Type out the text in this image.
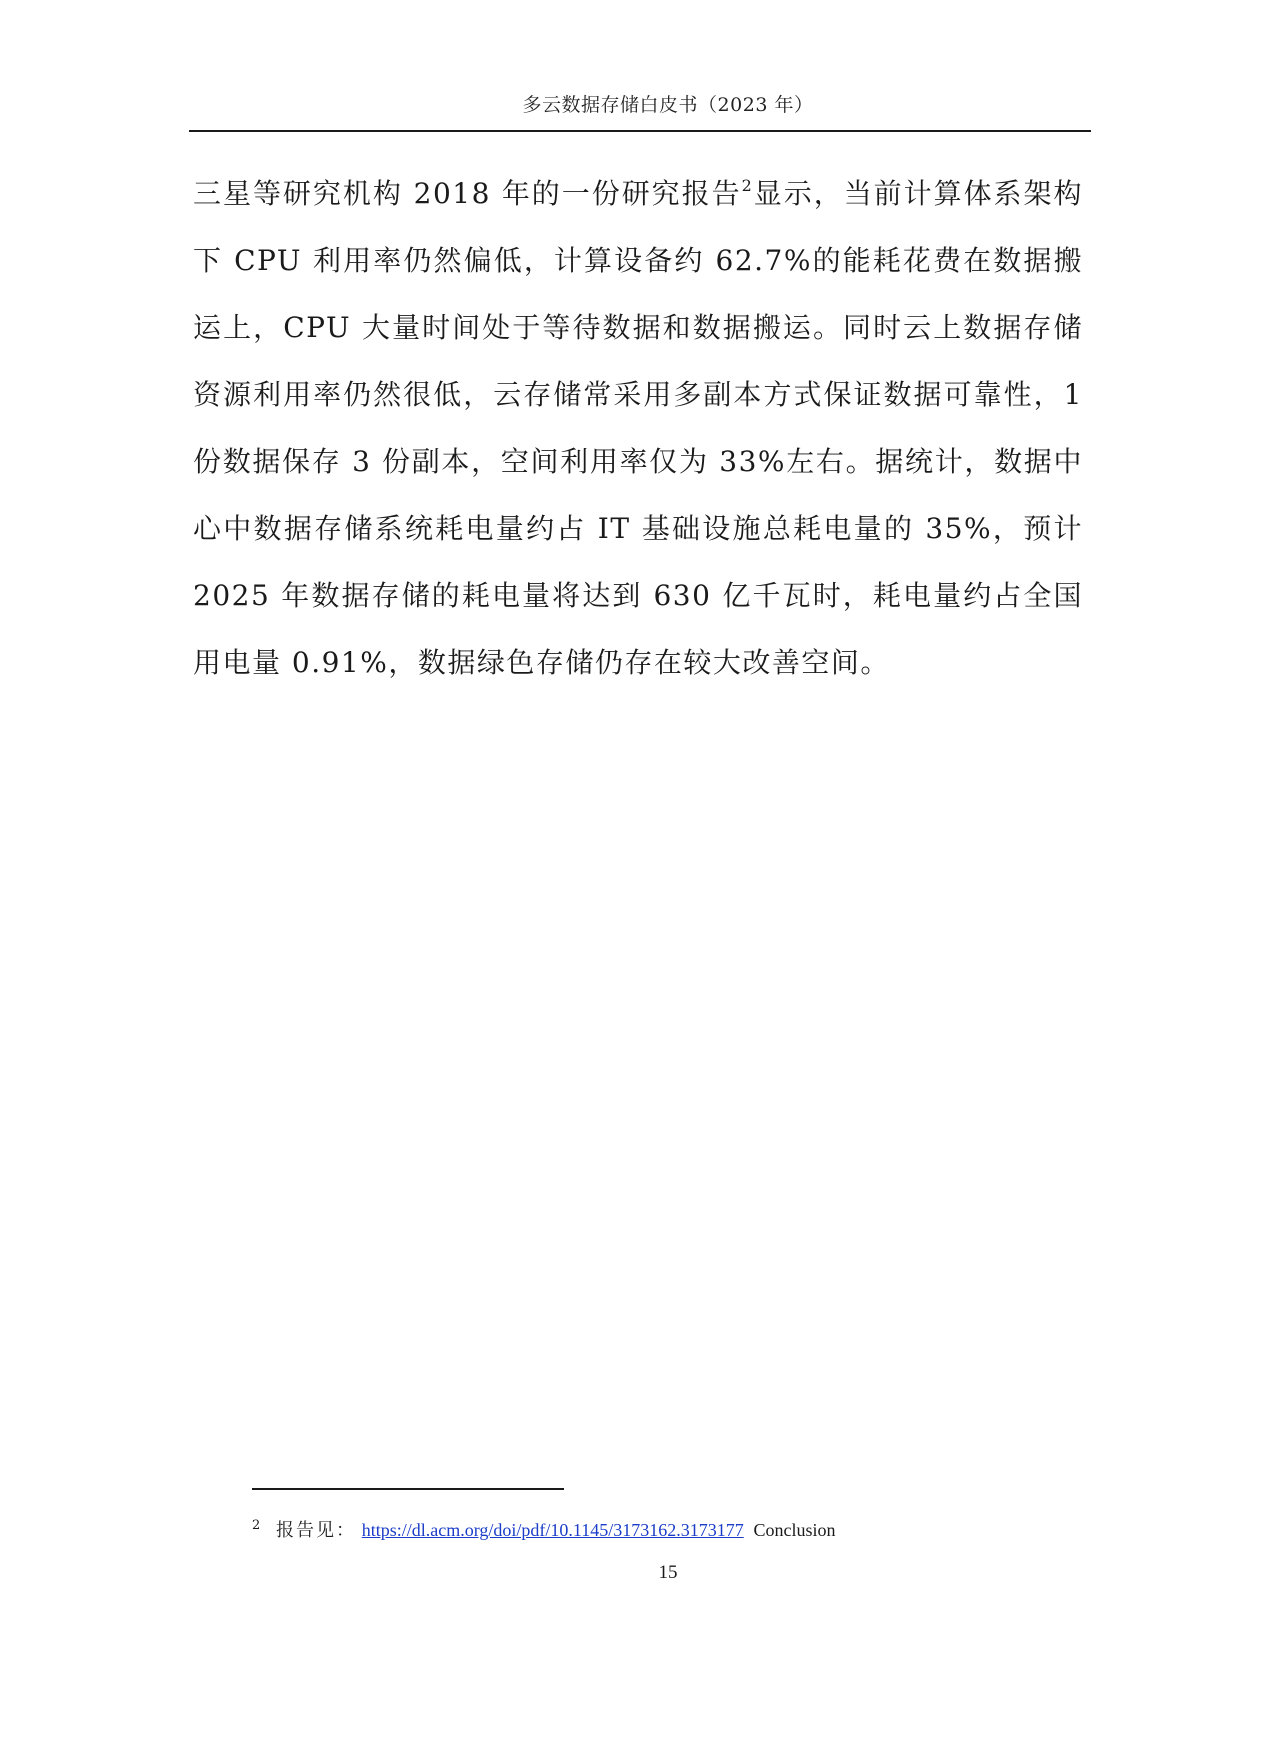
多云数据存储白皮书（2023 年）

三星等研究机构 2018 年的一份研究报告$^2$显示，当前计算体系架构下 CPU 利用率仍然偏低，计算设备约 62.7%的能耗花费在数据搬运上，CPU 大量时间处于等待数据和数据搬运。同时云上数据存储资源利用率仍然很低，云存储常采用多副本方式保证数据可靠性，1 份数据保存 3 份副本，空间利用率仅为 33%左右。据统计，数据中心中数据存储系统耗电量约占 IT 基础设施总耗电量的 35%，预计 2025 年数据存储的耗电量将达到 630 亿千瓦时，耗电量约占全国用电量 0.91%，数据绿色存储仍存在较大改善空间。

$^2$ 报告见： https://dl.acm.org/doi/pdf/10.1145/3173162.3173177 Conclusion
15
